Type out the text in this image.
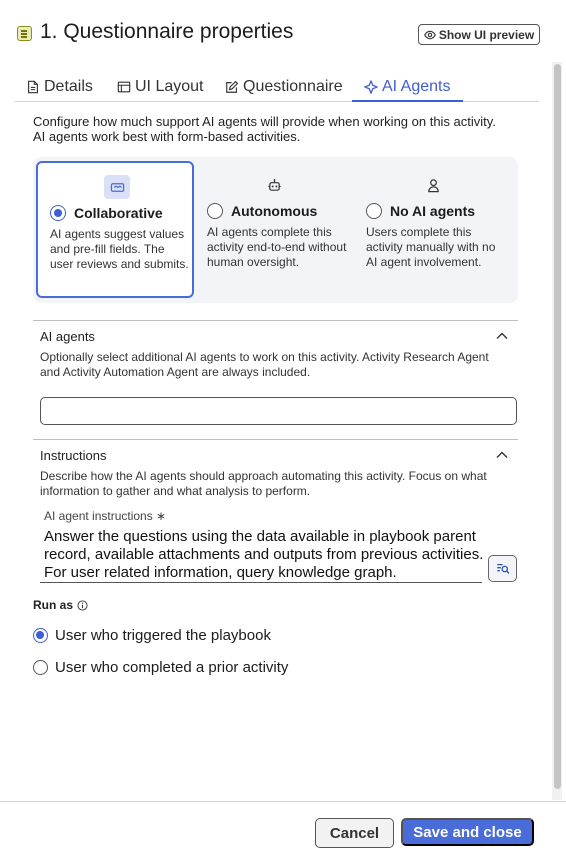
1. Questionnaire properties	Show UI preview
Details	UI Layout Questionnaire AI Agents

Configure how much support AI agents will provide when working on this activity. AI agents work best with form-based activities.

Collaborative

AI agents suggest values and pre-fill fields. The user reviews and submits.

Autonomous

AI agents complete this activity end-to-end without human oversight.

No AI agents

Users complete this activity manually with no AI agent involvement.

AI agents

Optionally select additional AI agents to work on this activity. Activity Research Agent and Activity Automation Agent are always included.

Instructions

Describe how the AI agents should approach automating this activity. Focus on what information to gather and what analysis to perform.

AI agent instructions ∗
Answer the questions using the data available in playbook parent record, available attachments and outputs from previous activities. For user related information, query knowledge graph.
Run as
User who triggered the playbook
User who completed a prior activity
Cancel	Save and close
